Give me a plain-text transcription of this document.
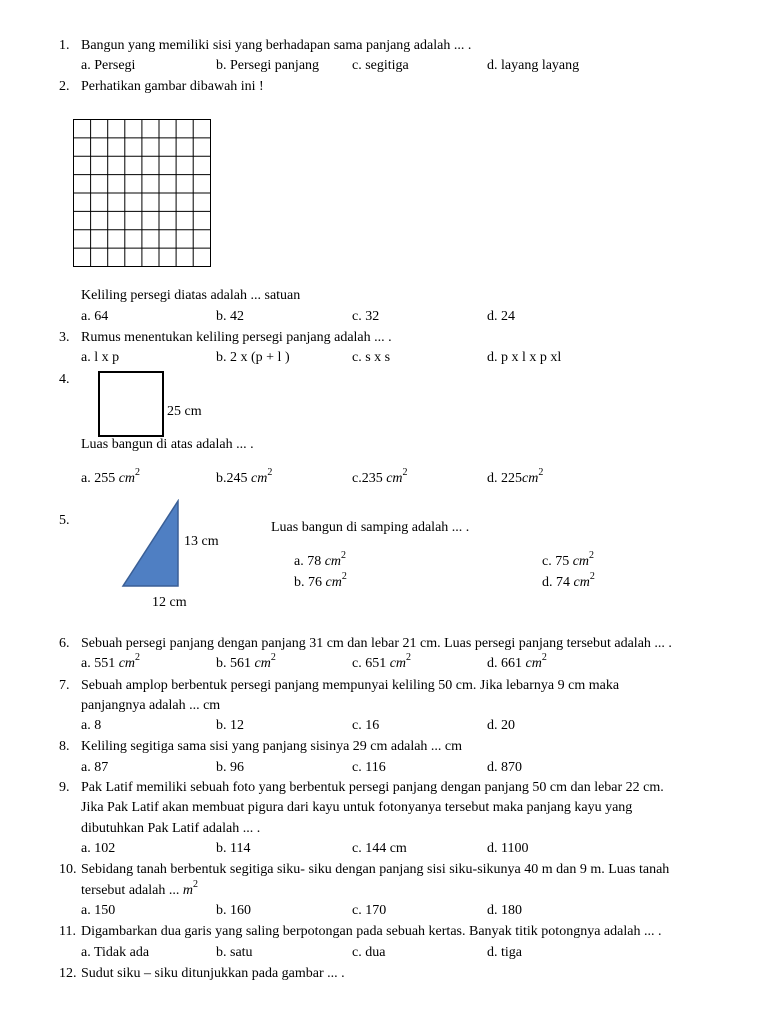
1. Bangun yang memiliki sisi yang berhadapan sama panjang adalah ... .
a. Persegi	b. Persegi panjang c. segitiga	d. layang layang
2. Perhatikan gambar dibawah ini !
Keliling persegi diatas adalah ... satuan
a. 64	b. 42	c. 32	d. 24
3. Rumus menentukan keliling persegi panjang adalah ... .
a. l x p	b. 2 x (p + l )	c. s x s	d. p x l x p xl
4.
25 cm
Luas bangun di atas adalah ... .
a. 255 $cm^2$	b.245 $cm^2$	c.235 $cm^2$	d. $225cm^2$
5.
13 cm
12 cm
Luas bangun di samping adalah ... .
a. 78 $cm^2$
b. 76 $cm^2$
c. 75 $cm^2$
d. 74 $cm^2$
6. Sebuah persegi panjang dengan panjang 31 cm dan lebar 21 cm. Luas persegi panjang tersebut adalah ... .
a. 551 $cm^2$	b. 561 $cm^2$	c. 651 $cm^2$	d. 661 $cm^2$
7. Sebuah amplop berbentuk persegi panjang mempunyai keliling 50 cm. Jika lebarnya 9 cm maka
panjangnya adalah ... cm
a. 8	b. 12	c. 16	d. 20
8. Keliling segitiga sama sisi yang panjang sisinya 29 cm adalah ... cm
a. 87	b. 96	c. 116	d. 870
9. Pak Latif memiliki sebuah foto yang berbentuk persegi panjang dengan panjang 50 cm dan lebar 22 cm.
Jika Pak Latif akan membuat pigura dari kayu untuk fotonyanya tersebut maka panjang kayu yang
dibutuhkan Pak Latif adalah ... .
a. 102	b. 114	c. 144 cm	d. 1100
10. Sebidang tanah berbentuk segitiga siku- siku dengan panjang sisi siku-sikunya 40 m dan 9 m. Luas tanah
tersebut adalah ... $m^2$
a. 150	b. 160	c. 170	d. 180
11. Digambarkan dua garis yang saling berpotongan pada sebuah kertas. Banyak titik potongnya adalah ... .
a. Tidak ada	b. satu	c. dua	d. tiga
12. Sudut siku – siku ditunjukkan pada gambar ... .
